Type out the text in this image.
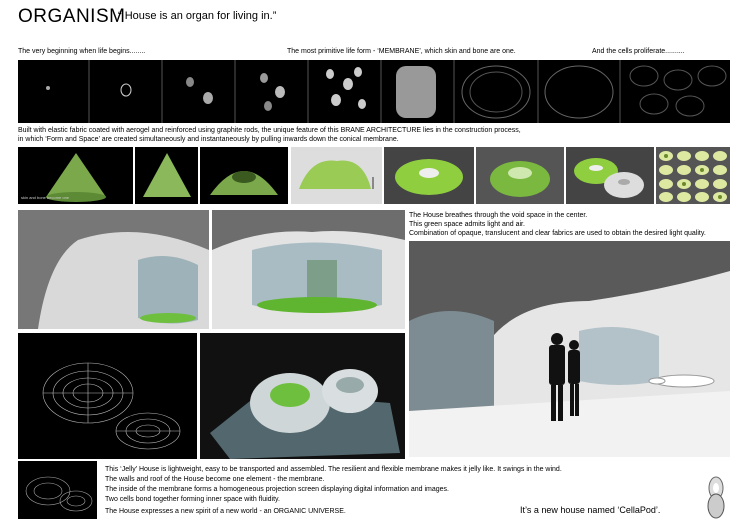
ORGANISM
“ House is an organ for living in.”
The very beginning when life begins........	The most primitive life form - ‘MEMBRANE’, which skin and bone are one.	And the cells proliferate..........
Built with elastic fabric coated with aerogel and reinforced using graphite rods, the unique feature of this BRANE ARCHITECTURE lies in the construction process,
in which ‘Form and Space’ are created simultaneously and instantaneously by pulling inwards down the conical membrane.
skin and bone become one
The House breathes through the void space in the center.
This green space admits light and air.
Combination of opaque, translucent and clear fabrics are used to obtain the desired light quality.
This ‘Jelly’ House is lightweight, easy to be transported and assembled. The resilient and flexible membrane makes it jelly like. It swings in the wind.
The walls and roof of the House become one element - the membrane.
The inside of the membrane forms a homogeneous projection screen displaying digital information and images.
Two cells bond together forming inner space with fluidity.
The House expresses a new spirit of a new world - an ORGANIC UNIVERSE.	It’s a new house named ‘CellaPod’.
